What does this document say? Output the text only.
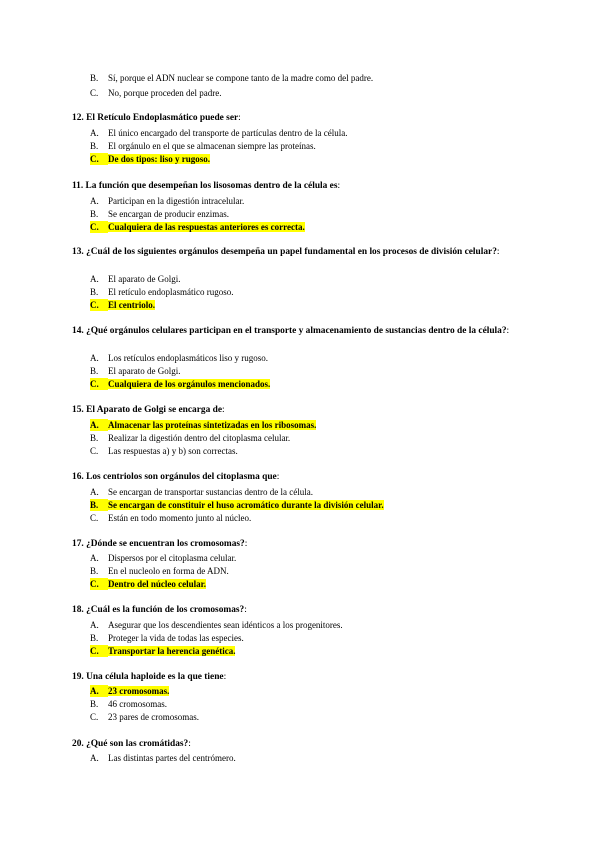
B. Sí, porque el ADN nuclear se compone tanto de la madre como del padre.
C. No, porque proceden del padre.
12. El Retículo Endoplasmático puede ser:
A. El único encargado del transporte de partículas dentro de la célula.
B. El orgánulo en el que se almacenan siempre las proteínas.
C. De dos tipos: liso y rugoso.
11. La función que desempeñan los lisosomas dentro de la célula es:
A. Participan en la digestión intracelular.
B. Se encargan de producir enzimas.
C. Cualquiera de las respuestas anteriores es correcta.
13. ¿Cuál de los siguientes orgánulos desempeña un papel fundamental en los procesos de división celular?:
A. El aparato de Golgi.
B. El retículo endoplasmático rugoso.
C. El centriolo.
14. ¿Qué orgánulos celulares participan en el transporte y almacenamiento de sustancias dentro de la célula?:
A. Los retículos endoplasmáticos liso y rugoso.
B. El aparato de Golgi.
C. Cualquiera de los orgánulos mencionados.
15. El Aparato de Golgi se encarga de:
A. Almacenar las proteínas sintetizadas en los ribosomas.
B. Realizar la digestión dentro del citoplasma celular.
C. Las respuestas a) y b) son correctas.
16. Los centriolos son orgánulos del citoplasma que:
A. Se encargan de transportar sustancias dentro de la célula.
B. Se encargan de constituir el huso acromático durante la división celular.
C. Están en todo momento junto al núcleo.
17. ¿Dónde se encuentran los cromosomas?:
A. Dispersos por el citoplasma celular.
B. En el nucleolo en forma de ADN.
C. Dentro del núcleo celular.
18. ¿Cuál es la función de los cromosomas?:
A. Asegurar que los descendientes sean idénticos a los progenitores.
B. Proteger la vida de todas las especies.
C. Transportar la herencia genética.
19. Una célula haploide es la que tiene:
A. 23 cromosomas.
B. 46 cromosomas.
C. 23 pares de cromosomas.
20. ¿Qué son las cromátidas?:
A. Las distintas partes del centrómero.
